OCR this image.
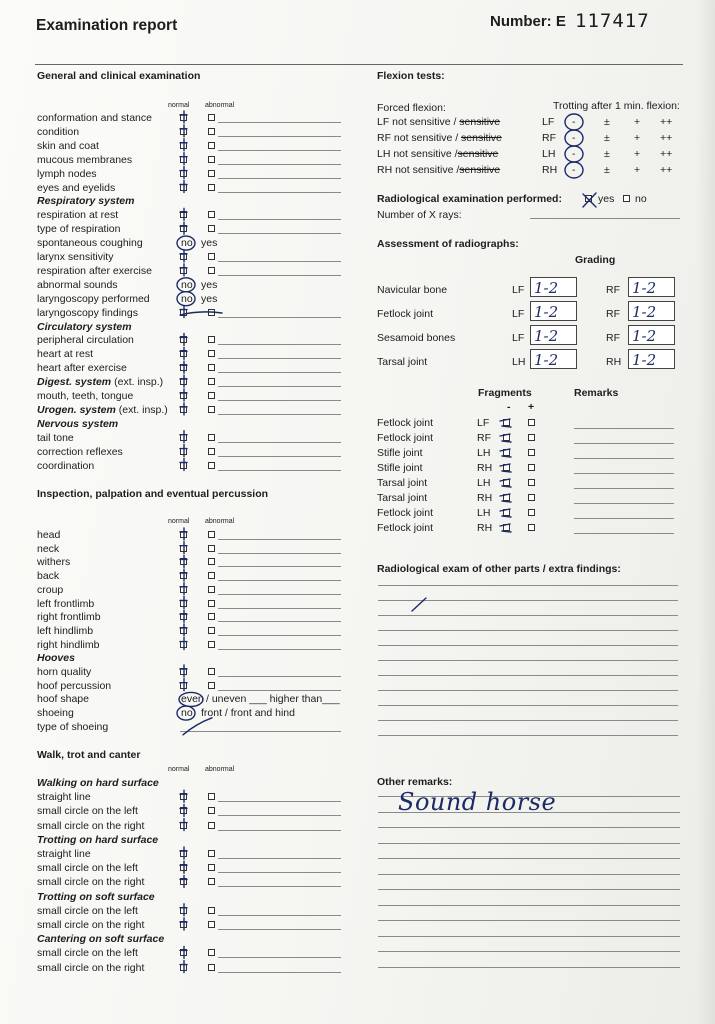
Examination report	Number: E 117417
General and clinical examination
normal abnormal
conformation and stance
condition
skin and coat
mucous membranes
lymph nodes
eyes and eyelids
Respiratory system
respiration at rest
type of respiration
spontaneous coughing	no yes
larynx sensitivity
respiration after exercise
abnormal sounds	no yes
laryngoscopy performed	no yes
laryngoscopy findings
Circulatory system
peripheral circulation
heart at rest
heart after exercise
Digest. system (ext. insp.)
mouth, teeth, tongue
Urogen. system (ext. insp.)
Nervous system
tail tone
correction reflexes
coordination
Inspection, palpation and eventual percussion
normal abnormal
head
neck
withers
back
croup
left frontlimb
right frontlimb
left hindlimb
right hindlimb
Hooves
horn quality
hoof percussion
hoof shape	even / uneven ___ higher than___
shoeing	no front / front and hind
type of shoeing
Walk, trot and canter
normal abnormal
Walking on hard surface
straight line
small circle on the left
small circle on the right
Trotting on hard surface
straight line
small circle on the left
small circle on the right
Trotting on soft surface
small circle on the left
small circle on the right
Cantering on soft surface
small circle on the left
small circle on the right
Flexion tests:
Forced flexion:	Trotting after 1 min. flexion:
LF not sensitive / sensitive	LF -	± + ++
RF not sensitive / sensitive	RF -	± + ++
LH not sensitive /sensitive	LH -	± + ++
RH not sensitive /sensitive	RH -	± + ++
Radiological examination performed:	yes no
Number of X rays:
Assessment of radiographs:
Grading
Navicular bone	LF 1-2	RF 1-2
Fetlock joint	LF 1-2	RF 1-2
Sesamoid bones	LF 1-2	RF 1-2
Tarsal joint	LH 1-2	RH 1-2
Fragments	Remarks
- +
Fetlock joint	LF
Fetlock joint	RF
Stifle joint	LH
Stifle joint	RH
Tarsal joint	LH
Tarsal joint	RH
Fetlock joint	LH
Fetlock joint	RH
Radiological exam of other parts / extra findings:
Other remarks:
Sound horse
